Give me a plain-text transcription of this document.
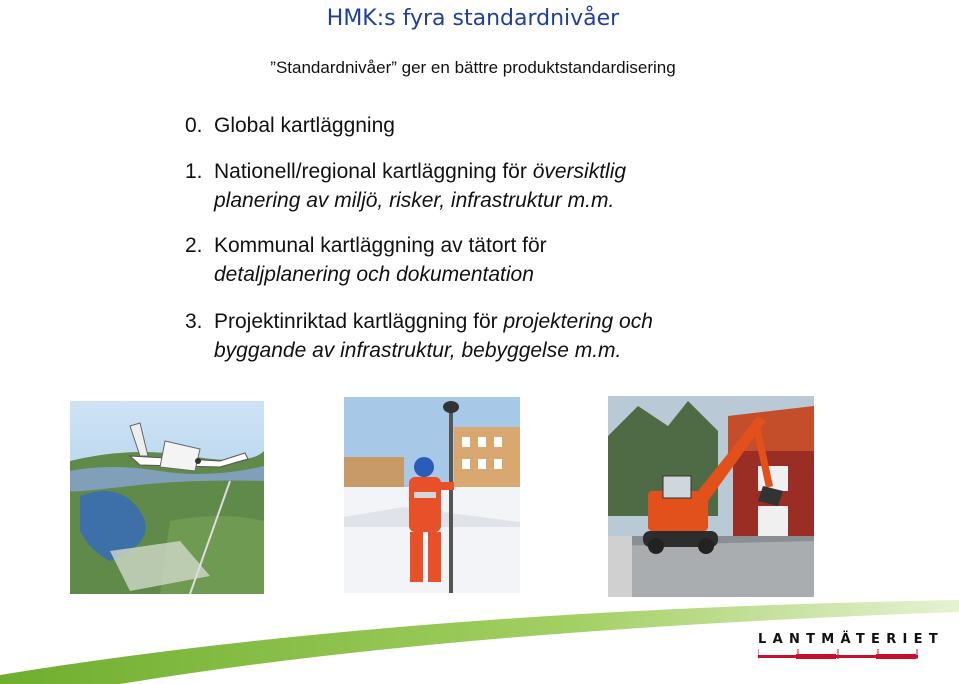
HMK:s fyra standardnivåer
”Standardnivåer” ger en bättre produktstandardisering
0. Global kartläggning
1. Nationell/regional kartläggning för översiktlig
planering av miljö, risker, infrastruktur m.m.
2. Kommunal kartläggning av tätort för
detaljplanering och dokumentation
3. Projektinriktad kartläggning för projektering och
byggande av infrastruktur, bebyggelse m.m.
LANTMÄTERIET
